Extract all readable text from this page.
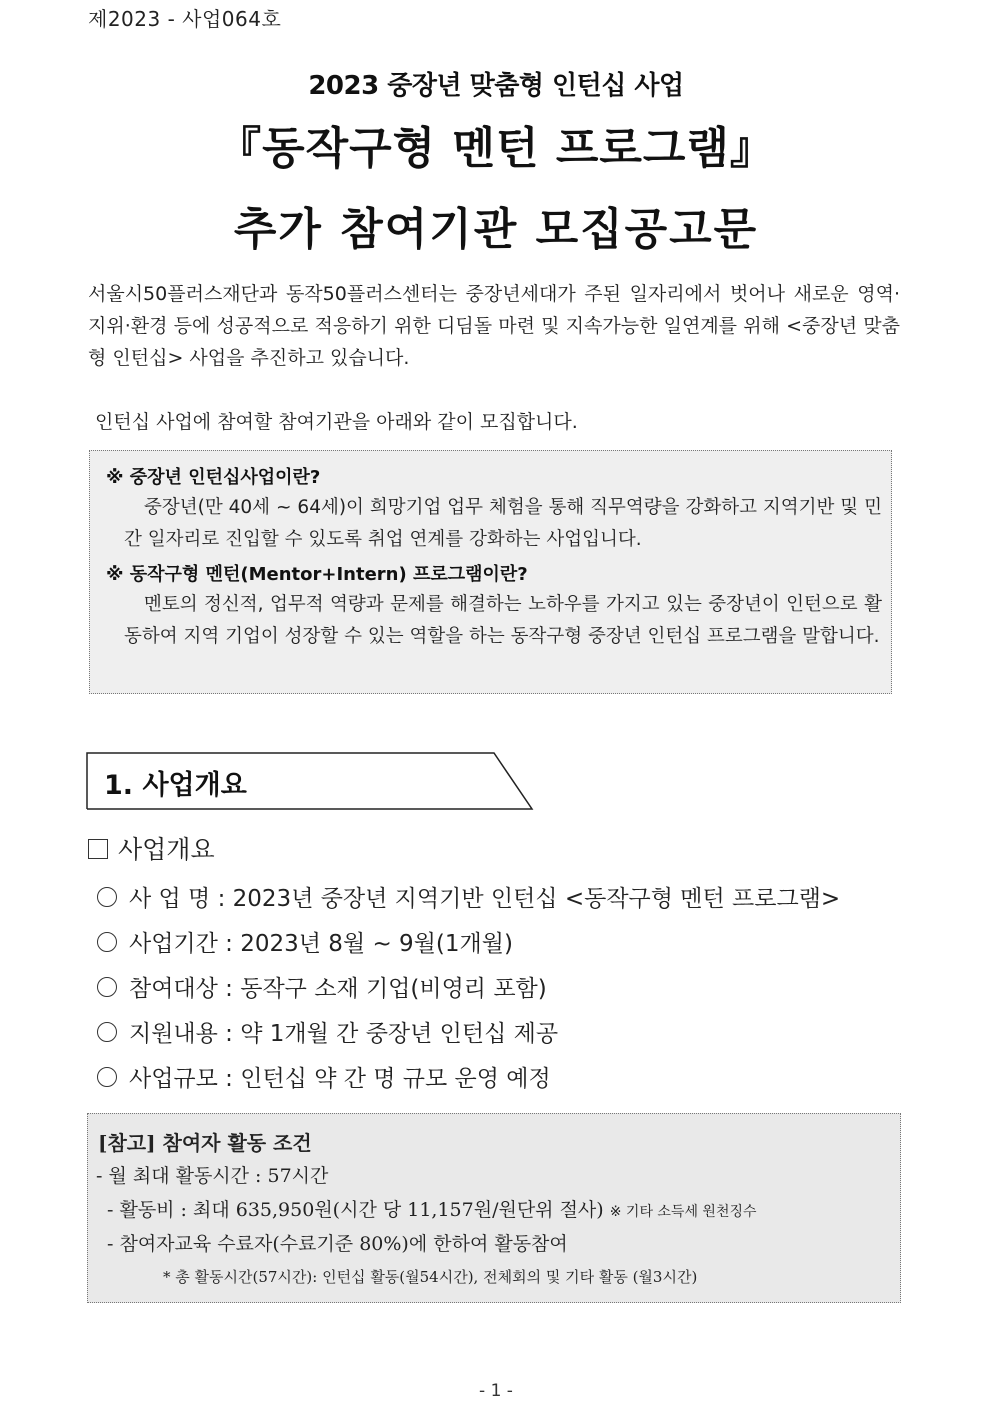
제2023 - 사업064호
2023 중장년 맞춤형 인턴십 사업
『동작구형 멘턴 프로그램』
추가 참여기관 모집공고문
서울시50플러스재단과 동작50플러스센터는 중장년세대가 주된 일자리에서 벗어나 새로운 영역·지위·환경 등에 성공적으로 적응하기 위한 디딤돌 마련 및 지속가능한 일연계를 위해 <중장년 맞춤형 인턴십> 사업을 추진하고 있습니다.
인턴십 사업에 참여할 참여기관을 아래와 같이 모집합니다.
※ 중장년 인턴십사업이란?
중장년(만 40세 ~ 64세)이 희망기업 업무 체험을 통해 직무역량을 강화하고 지역기반 및 민간 일자리로 진입할 수 있도록 취업 연계를 강화하는 사업입니다.
※ 동작구형 멘턴(Mentor+Intern) 프로그램이란?
멘토의 정신적, 업무적 역량과 문제를 해결하는 노하우를 가지고 있는 중장년이 인턴으로 활동하여 지역 기업이 성장할 수 있는 역할을 하는 동작구형 중장년 인턴십 프로그램을 말합니다.
1. 사업개요
사업개요
사 업 명 : 2023년 중장년 지역기반 인턴십 <동작구형 멘턴 프로그램>
사업기간 : 2023년 8월 ~ 9월(1개월)
참여대상 : 동작구 소재 기업(비영리 포함)
지원내용 : 약 1개월 간 중장년 인턴십 제공
사업규모 : 인턴십 약 간 명 규모 운영 예정
[참고] 참여자 활동 조건
- 월 최대 활동시간 : 57시간
- 활동비 : 최대 635,950원(시간 당 11,157원/원단위 절사) ※ 기타 소득세 원천징수
- 참여자교육 수료자(수료기준 80%)에 한하여 활동참여
* 총 활동시간(57시간): 인턴십 활동(월54시간), 전체회의 및 기타 활동 (월3시간)
- 1 -
